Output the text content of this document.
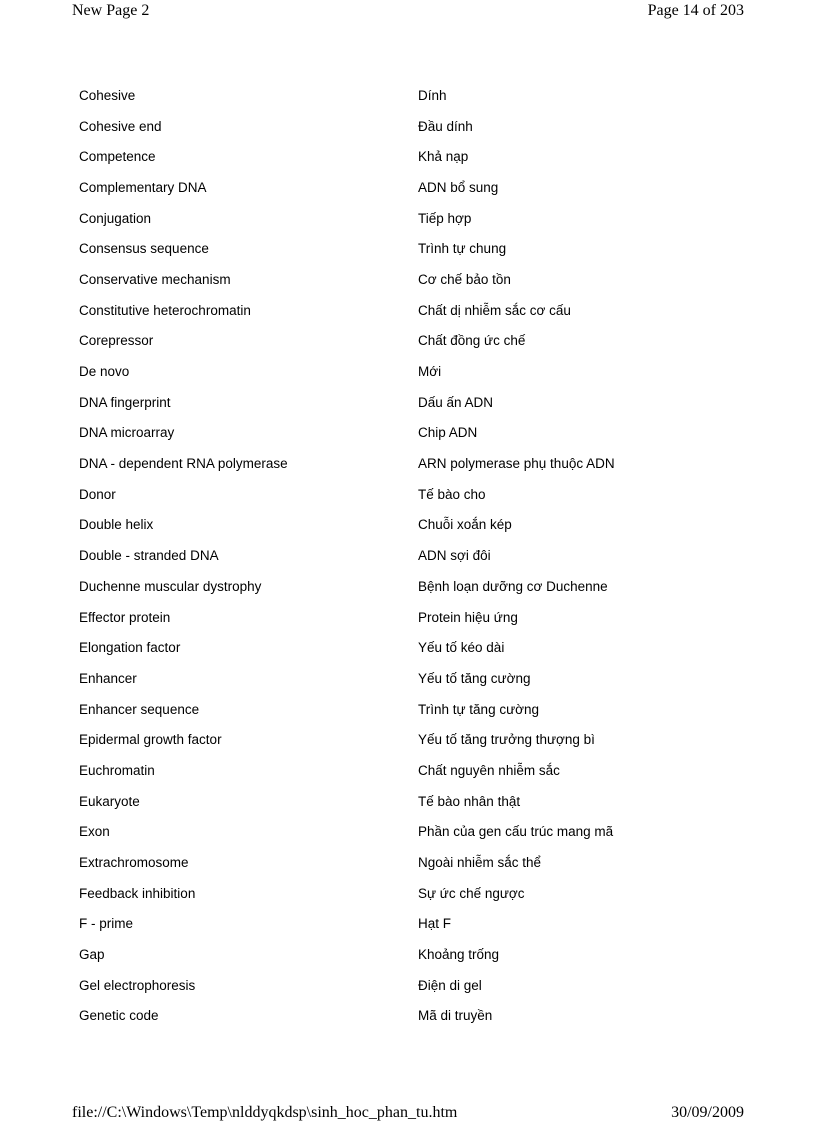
New Page 2	Page 14 of 203
Cohesive	Dính
Cohesive end	Đầu dính
Competence	Khả nạp
Complementary DNA	ADN bổ sung
Conjugation	Tiếp hợp
Consensus sequence	Trình tự chung
Conservative mechanism	Cơ chế bảo tồn
Constitutive heterochromatin	Chất dị nhiễm sắc cơ cấu
Corepressor	Chất đồng ức chế
De novo	Mới
DNA fingerprint	Dấu ấn ADN
DNA microarray	Chip ADN
DNA - dependent RNA polymerase	ARN polymerase phụ thuộc ADN
Donor	Tế bào cho
Double helix	Chuỗi xoắn kép
Double - stranded DNA	ADN sợi đôi
Duchenne muscular dystrophy	Bệnh loạn dưỡng cơ Duchenne
Effector protein	Protein hiệu ứng
Elongation factor	Yếu tố kéo dài
Enhancer	Yếu tố tăng cường
Enhancer sequence	Trình tự tăng cường
Epidermal growth factor	Yếu tố tăng trưởng thượng bì
Euchromatin	Chất nguyên nhiễm sắc
Eukaryote	Tế bào nhân thật
Exon	Phần của gen cấu trúc mang mã
Extrachromosome	Ngoài nhiễm sắc thể
Feedback inhibition	Sự ức chế ngược
F - prime	Hạt F
Gap	Khoảng trống
Gel electrophoresis	Điện di gel
Genetic code	Mã di truyền
file://C:\Windows\Temp\nlddyqkdsp\sinh_hoc_phan_tu.htm	30/09/2009
